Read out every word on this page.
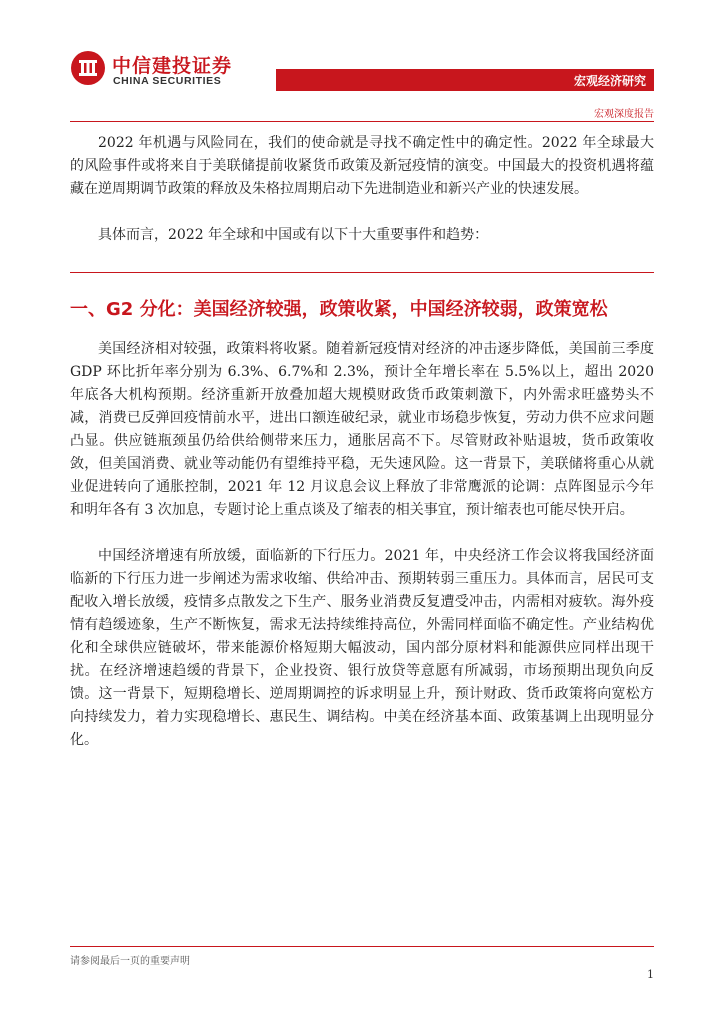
中信建投证券
CHINA SECURITIES	宏观经济研究
宏观深度报告

2022 年机遇与风险同在，我们的使命就是寻找不确定性中的确定性。2022 年全球最大的风险事件或将来自于美联储提前收紧货币政策及新冠疫情的演变。中国最大的投资机遇将蕴藏在逆周期调节政策的释放及朱格拉周期启动下先进制造业和新兴产业的快速发展。

具体而言，2022 年全球和中国或有以下十大重要事件和趋势：

一、G2 分化：美国经济较强，政策收紧，中国经济较弱，政策宽松

美国经济相对较强，政策料将收紧。随着新冠疫情对经济的冲击逐步降低，美国前三季度 GDP 环比折年率分别为 6.3%、6.7%和 2.3%，预计全年增长率在 5.5%以上，超出 2020 年底各大机构预期。经济重新开放叠加超大规模财政货币政策刺激下，内外需求旺盛势头不减，消费已反弹回疫情前水平，进出口额连破纪录，就业市场稳步恢复，劳动力供不应求问题凸显。供应链瓶颈虽仍给供给侧带来压力，通胀居高不下。尽管财政补贴退坡，货币政策收敛，但美国消费、就业等动能仍有望维持平稳，无失速风险。这一背景下，美联储将重心从就业促进转向了通胀控制，2021 年 12 月议息会议上释放了非常鹰派的论调：点阵图显示今年和明年各有 3 次加息，专题讨论上重点谈及了缩表的相关事宜，预计缩表也可能尽快开启。

中国经济增速有所放缓，面临新的下行压力。2021 年，中央经济工作会议将我国经济面临新的下行压力进一步阐述为需求收缩、供给冲击、预期转弱三重压力。具体而言，居民可支配收入增长放缓，疫情多点散发之下生产、服务业消费反复遭受冲击，内需相对疲软。海外疫情有趋缓迹象，生产不断恢复，需求无法持续维持高位，外需同样面临不确定性。产业结构优化和全球供应链破坏，带来能源价格短期大幅波动，国内部分原材料和能源供应同样出现干扰。在经济增速趋缓的背景下，企业投资、银行放贷等意愿有所减弱，市场预期出现负向反馈。这一背景下，短期稳增长、逆周期调控的诉求明显上升，预计财政、货币政策将向宽松方向持续发力，着力实现稳增长、惠民生、调结构。中美在经济基本面、政策基调上出现明显分化。

请参阅最后一页的重要声明
1
